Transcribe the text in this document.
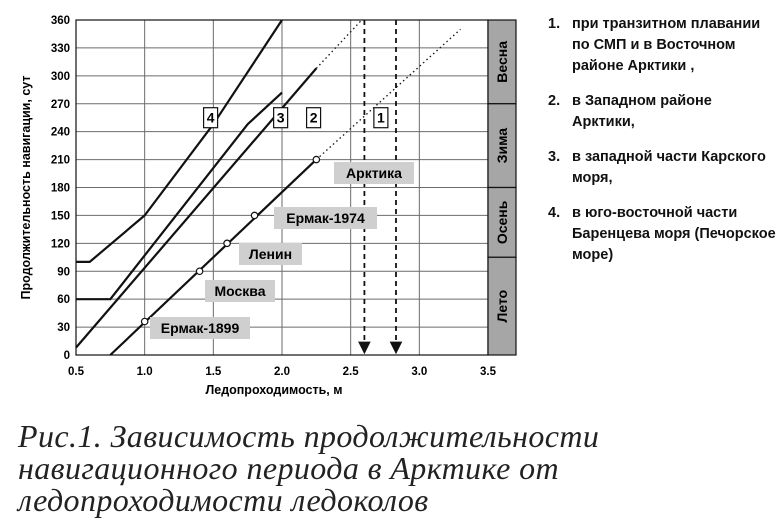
0
30
60
90
120
150
180
210
240
270
300
330
360
0.5	1.0	1.5	2.0	2.5	3.0	3.5
Ледопроходимость, м
Продолжительность навигации, сут
Весна
Зима
Осень
Лето
1
2
3
4
Ермак-1899
Москва
Ленин
Ермак-1974
Арктика
1. при транзитном плавании по СМП и в Восточном районе Арктики ,
2. в Западном районе Арктики,
3. в западной части Карского моря,
4. в юго-восточной части Баренцева моря (Печорское море)
Рис.1. Зависимость продолжительности навигационного периода в Арктике от ледопроходимости ледоколов
